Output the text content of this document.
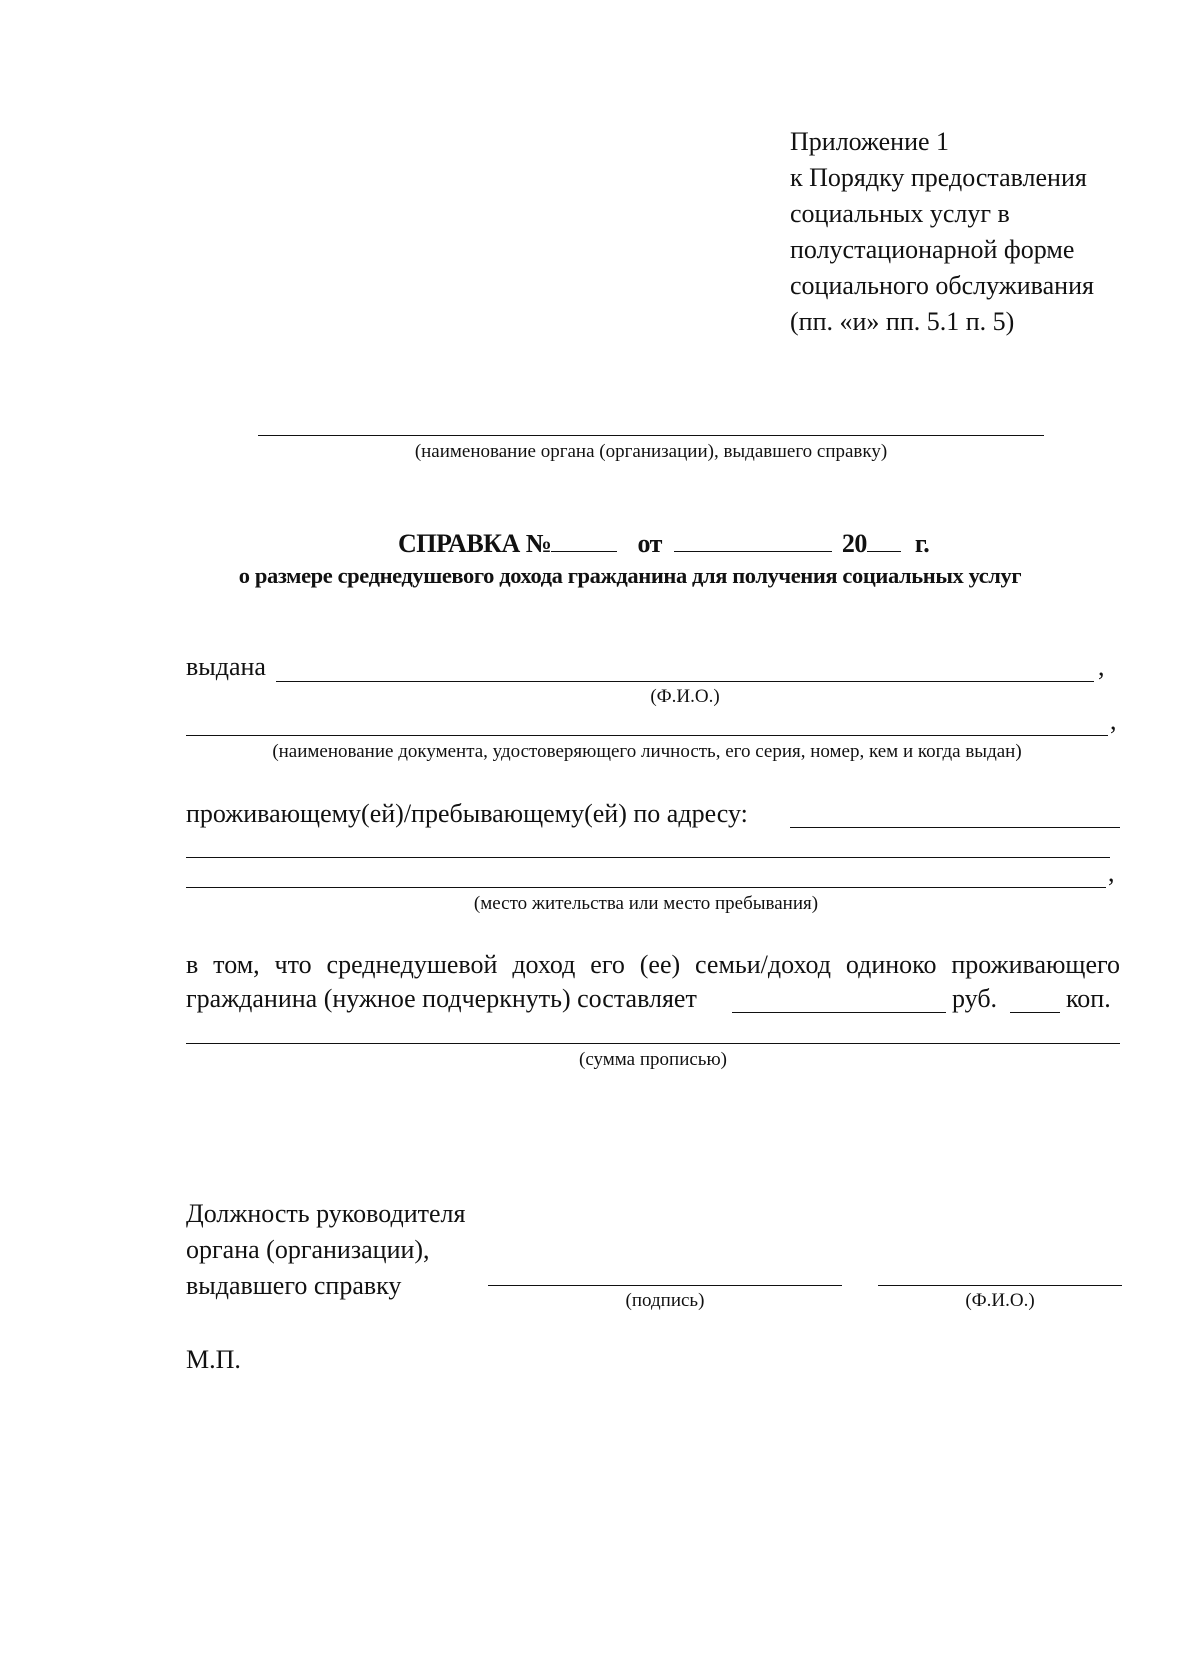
Приложение 1
к Порядку предоставления
социальных услуг в
полустационарной форме
социального обслуживания
(пп. «и» пп. 5.1 п. 5)
(наименование органа (организации), выдавшего справку)
СПРАВКА №	от	20 г.
о размере среднедушевого дохода гражданина для получения социальных услуг
выдана	,
(Ф.И.О.)
,
(наименование документа, удостоверяющего личность, его серия, номер, кем и когда выдан)
проживающему(ей)/пребывающему(ей) по адресу:
,
(место жительства или место пребывания)
в том, что среднедушевой доход его (ее) семьи/доход одиноко проживающего
гражданина (нужное подчеркнуть) составляет	руб.	коп.
(сумма прописью)
Должность руководителя
органа (организации),
выдавшего справку
(подпись)	(Ф.И.О.)
М.П.
